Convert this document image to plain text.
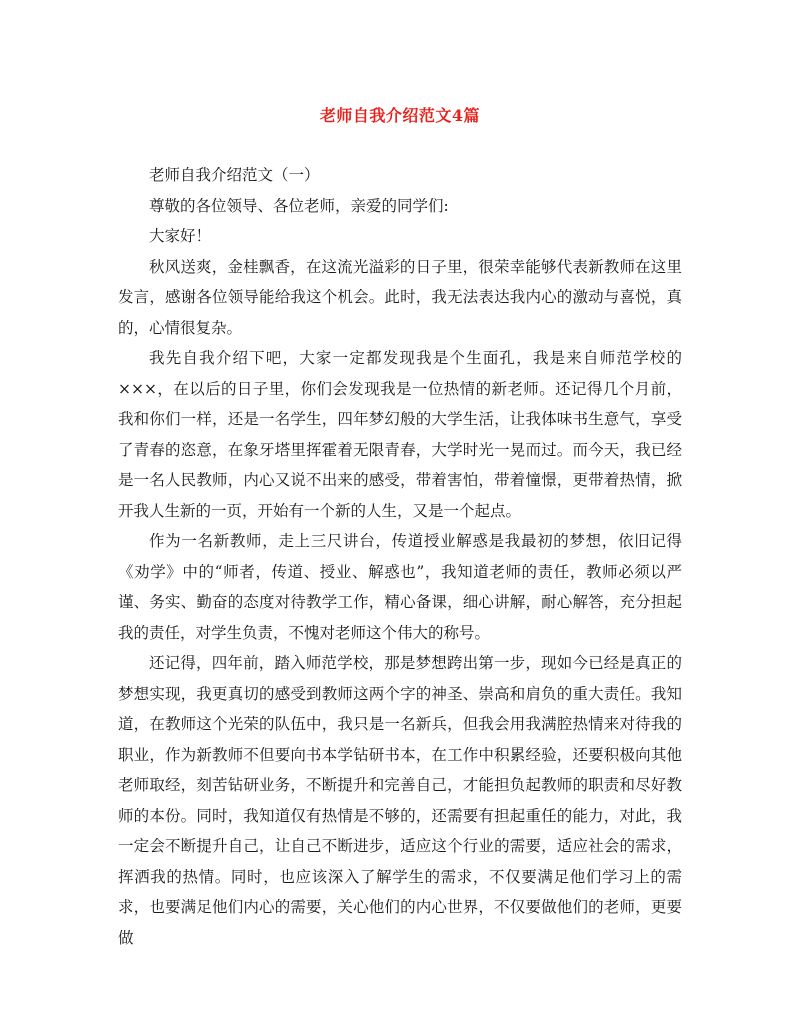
老师自我介绍范文4篇

老师自我介绍范文（一）

尊敬的各位领导、各位老师，亲爱的同学们:

大家好！

秋风送爽，金桂飘香，在这流光溢彩的日子里，很荣幸能够代表新教师在这里发言，感谢各位领导能给我这个机会。此时，我无法表达我内心的激动与喜悦，真的，心情很复杂。

我先自我介绍下吧，大家一定都发现我是个生面孔，我是来自师范学校的×××，在以后的日子里，你们会发现我是一位热情的新老师。还记得几个月前，我和你们一样，还是一名学生，四年梦幻般的大学生活，让我体味书生意气，享受了青春的恣意，在象牙塔里挥霍着无限青春，大学时光一晃而过。而今天，我已经是一名人民教师，内心又说不出来的感受，带着害怕，带着憧憬，更带着热情，掀开我人生新的一页，开始有一个新的人生，又是一个起点。

作为一名新教师，走上三尺讲台，传道授业解惑是我最初的梦想，依旧记得《劝学》中的“师者，传道、授业、解惑也”，我知道老师的责任，教师必须以严谨、务实、勤奋的态度对待教学工作，精心备课，细心讲解，耐心解答，充分担起我的责任，对学生负责，不愧对老师这个伟大的称号。

还记得，四年前，踏入师范学校，那是梦想跨出第一步，现如今已经是真正的梦想实现，我更真切的感受到教师这两个字的神圣、崇高和肩负的重大责任。我知道，在教师这个光荣的队伍中，我只是一名新兵，但我会用我满腔热情来对待我的职业，作为新教师不但要向书本学钻研书本，在工作中积累经验，还要积极向其他老师取经，刻苦钻研业务，不断提升和完善自己，才能担负起教师的职责和尽好教师的本份。同时，我知道仅有热情是不够的，还需要有担起重任的能力，对此，我一定会不断提升自己，让自己不断进步，适应这个行业的需要，适应社会的需求，挥洒我的热情。同时，也应该深入了解学生的需求，不仅要满足他们学习上的需求，也要满足他们内心的需要，关心他们的内心世界，不仅要做他们的老师，更要做
